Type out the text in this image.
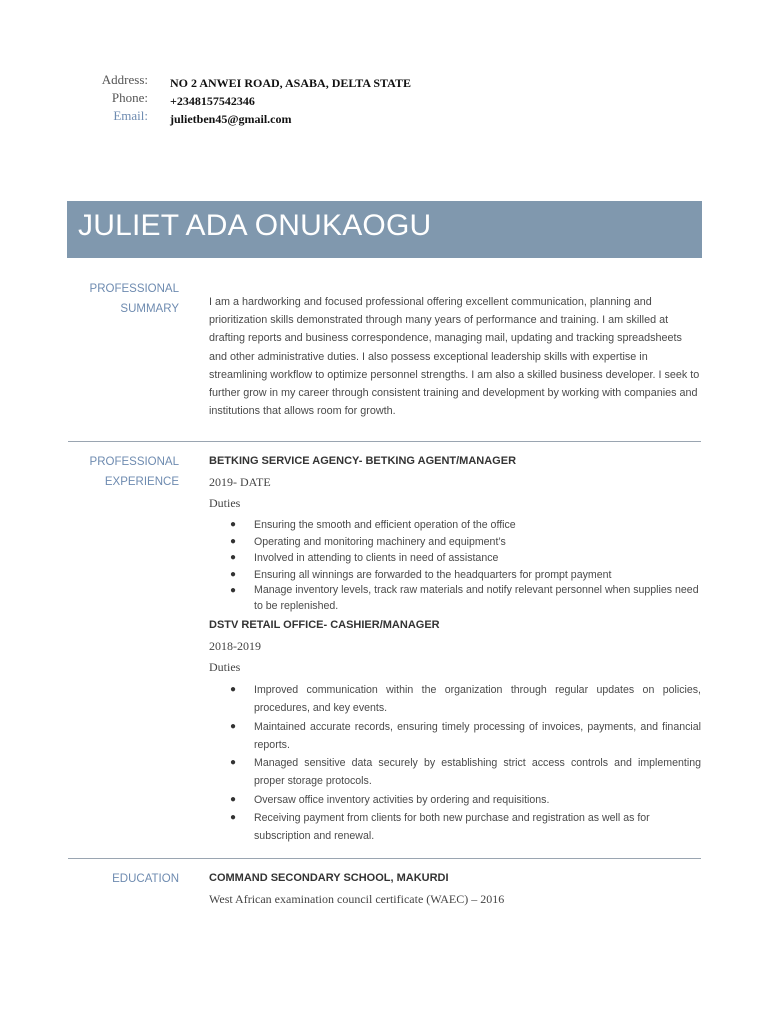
Address: NO 2 ANWEI ROAD, ASABA, DELTA STATE
Phone: +2348157542346
Email: julietben45@gmail.com
JULIET ADA ONUKAOGU
PROFESSIONAL
SUMMARY
I am a hardworking and focused professional offering excellent communication, planning and prioritization skills demonstrated through many years of performance and training. I am skilled at drafting reports and business correspondence, managing mail, updating and tracking spreadsheets and other administrative duties. I also possess exceptional leadership skills with expertise in streamlining workflow to optimize personnel strengths. I am also a skilled business developer. I seek to further grow in my career through consistent training and development by working with companies and institutions that allows room for growth.
PROFESSIONAL
EXPERIENCE
BETKING SERVICE AGENCY- BETKING AGENT/MANAGER
2019- DATE
Duties
● Ensuring the smooth and efficient operation of the office
● Operating and monitoring machinery and equipment’s
● Involved in attending to clients in need of assistance
● Ensuring all winnings are forwarded to the headquarters for prompt payment
● Manage inventory levels, track raw materials and notify relevant personnel when supplies need to be replenished.
DSTV RETAIL OFFICE- CASHIER/MANAGER
2018-2019
Duties
● Improved communication within the organization through regular updates on policies, procedures, and key events.
● Maintained accurate records, ensuring timely processing of invoices, payments, and financial reports.
● Managed sensitive data securely by establishing strict access controls and implementing proper storage protocols.
● Oversaw office inventory activities by ordering and requisitions.
● Receiving payment from clients for both new purchase and registration as well as for subscription and renewal.
EDUCATION	COMMAND SECONDARY SCHOOL, MAKURDI
West African examination council certificate (WAEC) – 2016
